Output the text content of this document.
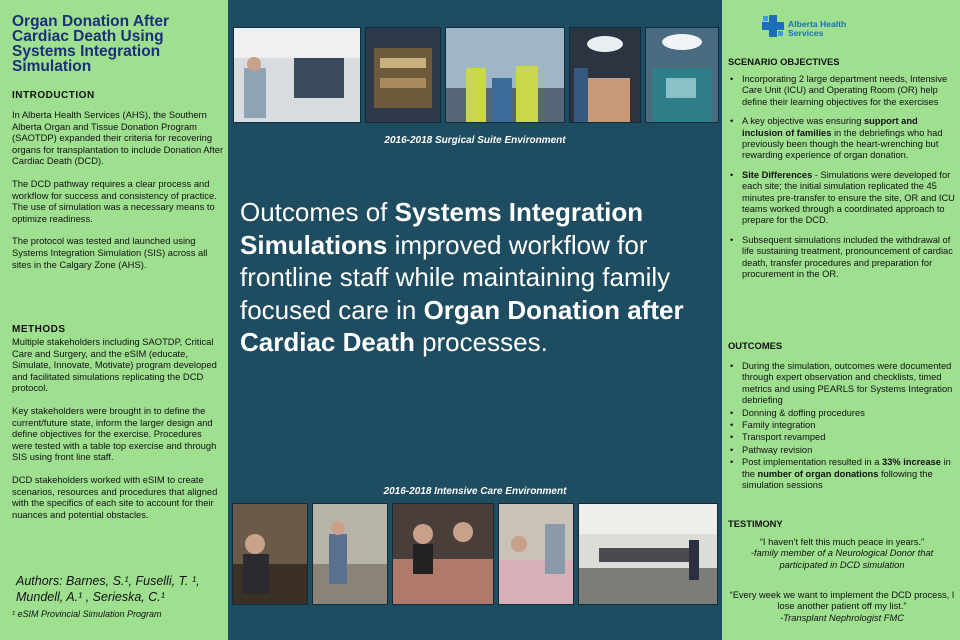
Organ Donation After Cardiac Death Using Systems Integration Simulation
INTRODUCTION

In Alberta Health Services (AHS), the Southern Alberta Organ and Tissue Donation Program (SAOTDP) expanded their criteria for recovering organs for transplantation to include Donation After Cardiac Death (DCD).

The DCD pathway requires a clear process and workflow for success and consistency of practice. The use of simulation was a necessary means to optimize readiness.

The protocol was tested and launched using Systems Integration Simulation (SIS) across all sites in the Calgary Zone (AHS).

METHODS

Multiple stakeholders including SAOTDP, Critical Care and Surgery, and the eSIM (educate, Simulate, Innovate, Motivate) program developed and facilitated simulations replicating the DCD protocol.

Key stakeholders were brought in to define the current/future state, inform the larger design and define objectives for the exercise. Procedures were tested with a table top exercise and through SIS using front line staff.

DCD stakeholders worked with eSIM to create scenarios, resources and procedures that aligned with the specifics of each site to account for their nuances and potential obstacles.

Authors: Barnes, S.¹, Fuselli, T. ¹,
Mundell, A.¹ , Serieska, C.¹
¹ eSIM Provincial Simulation Program
2016-2018 Surgical Suite Environment
Outcomes of Systems Integration Simulations improved workflow for frontline staff while maintaining family focused care in Organ Donation after Cardiac Death processes.
2016-2018 Intensive Care Environment
Alberta Health
Services
SCENARIO OBJECTIVES
• Incorporating 2 large department needs, Intensive Care Unit (ICU) and Operating Room (OR) help define their learning objectives for the exercises
• A key objective was ensuring support and inclusion of families in the debriefings who had previously been though the heart-wrenching but rewarding experience of organ donation.
• Site Differences - Simulations were developed for each site; the initial simulation replicated the 45 minutes pre-transfer to ensure the site, OR and ICU teams worked through a coordinated approach to prepare for the DCD.
• Subsequent simulations included the withdrawal of life sustaining treatment, pronouncement of cardiac death, transfer procedures and preparation for procurement in the OR.
OUTCOMES
• During the simulation, outcomes were documented through expert observation and checklists, timed metrics and using PEARLS for Systems Integration debriefing
• Donning & doffing procedures
• Family integration
• Transport revamped
• Pathway revision
• Post implementation resulted in a 33% increase in the number of organ donations following the simulation sessions
TESTIMONY
“I haven’t felt this much peace in years.”
-family member of a Neurological Donor that
participated in DCD simulation
“Every week we want to implement the DCD process, I lose another patient off my list.”
-Transplant Nephrologist FMC
